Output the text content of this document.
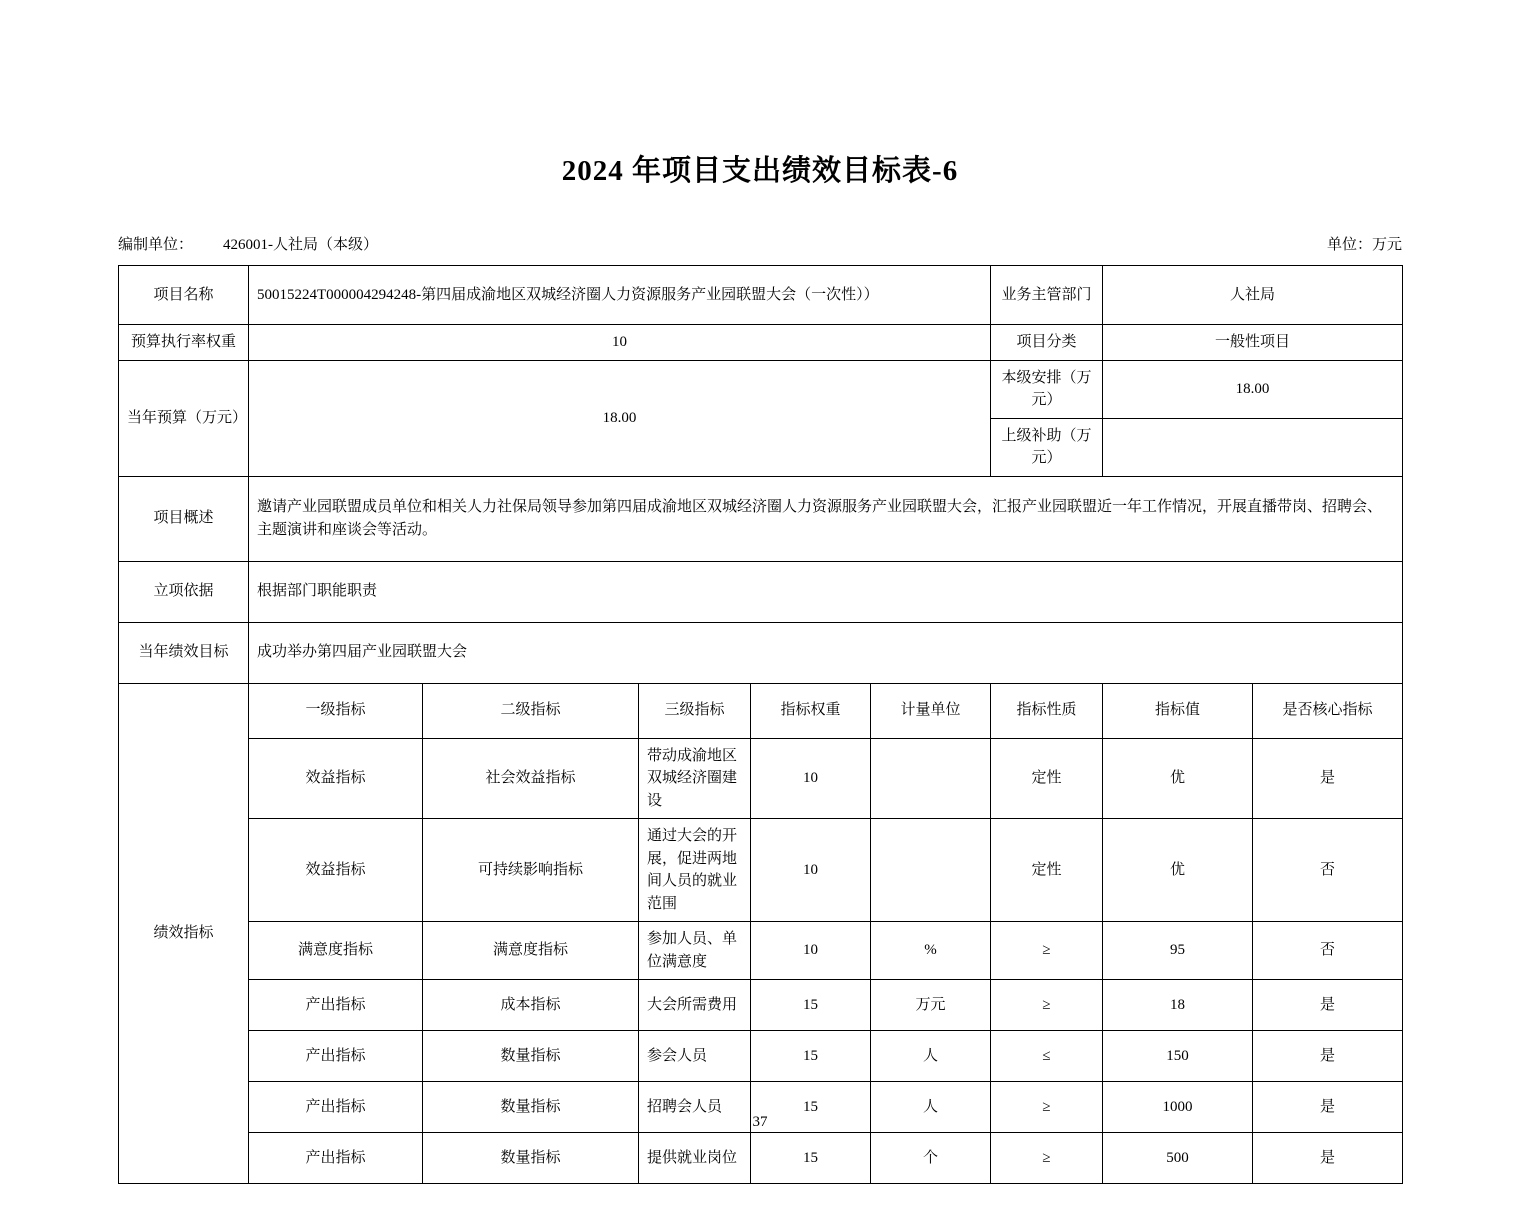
2024 年项目支出绩效目标表-6
编制单位： 426001-人社局（本级）	单位：万元
项目名称	50015224T000004294248-第四届成渝地区双城经济圈人力资源服务产业园联盟大会（一次性））					业务主管部门	人社局	
预算执行率权重	10					项目分类	一般性项目	
当年预算（万元）	18.00					本级安排（万元）	18.00	
						上级补助（万元）		
项目概述	邀请产业园联盟成员单位和相关人力社保局领导参加第四届成渝地区双城经济圈人力资源服务产业园联盟大会，汇报产业园联盟近一年工作情况，开展直播带岗、招聘会、主题演讲和座谈会等活动。							
立项依据	根据部门职能职责							
当年绩效目标	成功举办第四届产业园联盟大会							
绩效指标	一级指标	二级指标	三级指标	指标权重	计量单位	指标性质	指标值	是否核心指标
	效益指标	社会效益指标	带动成渝地区双城经济圈建设	10		定性	优	是
	效益指标	可持续影响指标	通过大会的开展，促进两地间人员的就业范围	10		定性	优	否
	满意度指标	满意度指标	参加人员、单位满意度	10	%	≥	95	否
	产出指标	成本指标	大会所需费用	15	万元	≥	18	是
	产出指标	数量指标	参会人员	15	人	≤	150	是
	产出指标	数量指标	招聘会人员	15	人	≥	1000	是
	产出指标	数量指标	提供就业岗位	15	个	≥	500	是
37
